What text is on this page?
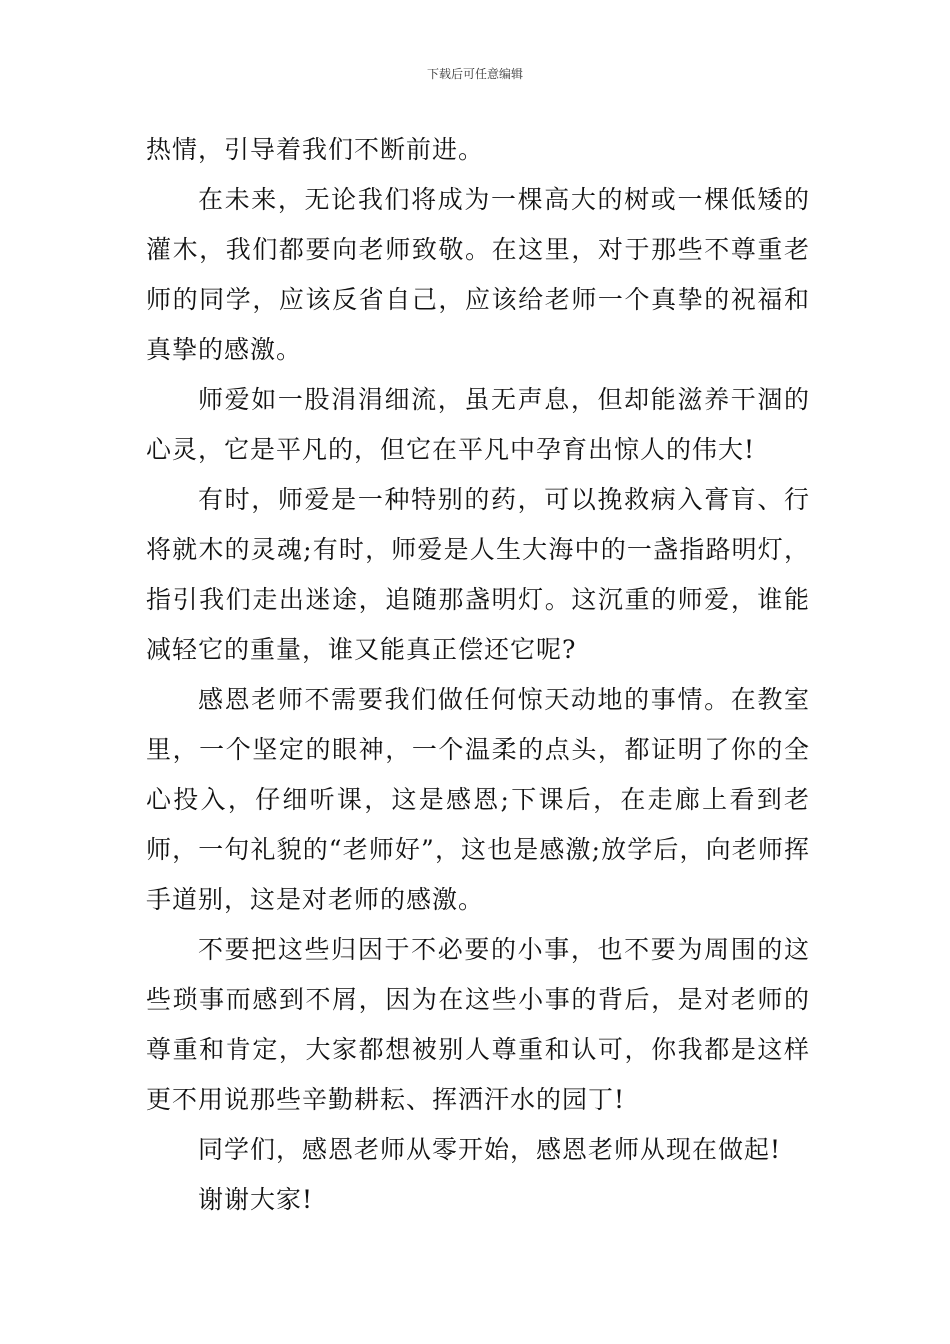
下载后可任意编辑

热情，引导着我们不断前进。

在未来，无论我们将成为一棵高大的树或一棵低矮的灌木，我们都要向老师致敬。在这里，对于那些不尊重老师的同学，应该反省自己，应该给老师一个真挚的祝福和真挚的感激。

师爱如一股涓涓细流，虽无声息，但却能滋养干涸的心灵，它是平凡的，但它在平凡中孕育出惊人的伟大!

有时，师爱是一种特别的药，可以挽救病入膏肓、行将就木的灵魂;有时，师爱是人生大海中的一盏指路明灯，指引我们走出迷途，追随那盏明灯。这沉重的师爱，谁能减轻它的重量，谁又能真正偿还它呢?

感恩老师不需要我们做任何惊天动地的事情。在教室里，一个坚定的眼神，一个温柔的点头，都证明了你的全心投入，仔细听课，这是感恩;下课后，在走廊上看到老师，一句礼貌的“老师好”，这也是感激;放学后，向老师挥手道别，这是对老师的感激。

不要把这些归因于不必要的小事，也不要为周围的这些琐事而感到不屑，因为在这些小事的背后，是对老师的尊重和肯定，大家都想被别人尊重和认可，你我都是这样更不用说那些辛勤耕耘、挥洒汗水的园丁!

同学们，感恩老师从零开始，感恩老师从现在做起!

谢谢大家!
